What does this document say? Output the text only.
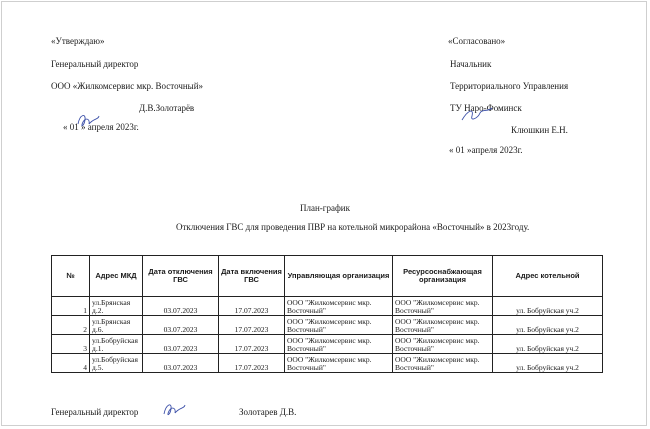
«Утверждаю»
Генеральный директор
ООО «Жилкомсервис мкр. Восточный»
Д.В.Золотарёв
« 01 » апреля 2023г.
«Согласовано»
Начальник
Территориального Управления
ТУ Наро-Фоминск
Клюшкин Е.Н.
« 01 »апреля 2023г.
План-график
Отключения ГВС для проведения ПВР на котельной микрорайона «Восточный» в 2023году.
№	Адрес МКД	Дата отключения ГВС	Дата включения ГВС	Управляющая организация	Ресурсоснабжающая организация	Адрес котельной
1	ул.Брянская д.2.	03.07.2023	17.07.2023	ООО "Жилкомсервис мкр. Восточный"	ООО "Жилкомсервис мкр. Восточный"	ул. Бобруйская уч.2
2	ул.Брянская д.6.	03.07.2023	17.07.2023	ООО "Жилкомсервис мкр. Восточный"	ООО "Жилкомсервис мкр. Восточный"	ул. Бобруйская уч.2
3	ул.Бобруйская д.1.	03.07.2023	17.07.2023	ООО "Жилкомсервис мкр. Восточный"	ООО "Жилкомсервис мкр. Восточный"	ул. Бобруйская уч.2
4	ул.Бобруйская д.5.	03.07.2023	17.07.2023	ООО "Жилкомсервис мкр. Восточный"	ООО "Жилкомсервис мкр. Восточный"	ул. Бобруйская уч.2
Генеральный директор	Золотарев Д.В.
